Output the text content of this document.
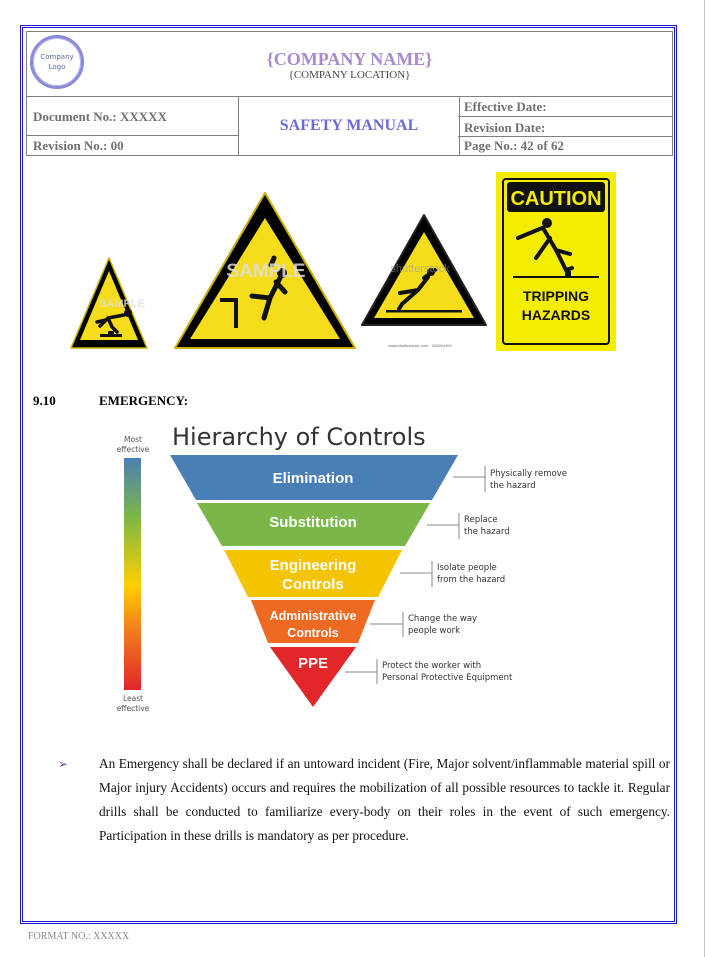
Company
Logo	{COMPANY NAME}
{COMPANY LOCATION}
Document No.: XXXXX
Revision No.: 00
SAFETY MANUAL
Effective Date:
Revision Date:
Page No.: 42 of 62
SAMPLE
SAMPLE	shutterstock
www.shutterstock.com · 309694404
CAUTION
TRIPPING
HAZARDS
9.10	EMERGENCY:
Most
effective
Least
effective
Hierarchy of Controls
Elimination
Substitution
Engineering
Controls
Administrative
Controls
PPE
Physically remove
the hazard
Replace
the hazard
Isolate people
from the hazard
Change the way
people work
Protect the worker with
Personal Protective Equipment
➢ An Emergency shall be declared if an untoward incident (Fire, Major solvent/inflammable material spill or Major injury Accidents) occurs and requires the mobilization of all possible resources to tackle it. Regular drills shall be conducted to familiarize every-body on their roles in the event of such emergency. Participation in these drills is mandatory as per procedure.
FORMAT NO.: XXXXX
